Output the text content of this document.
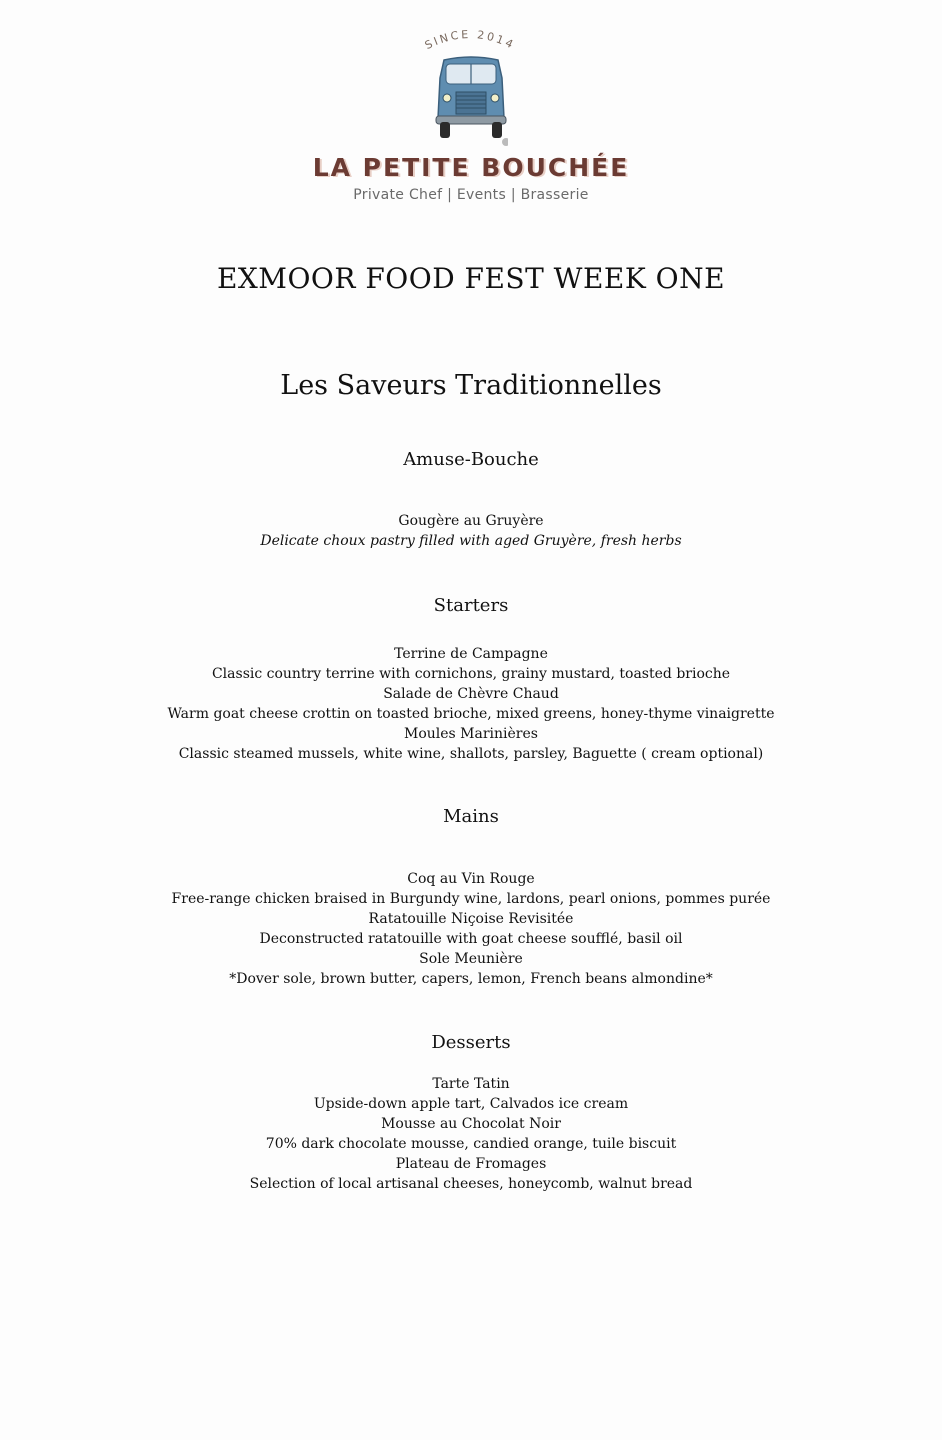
SINCE 2014
LA PETITE BOUCHÉE
Private Chef | Events | Brasserie
EXMOOR FOOD FEST WEEK ONE
Les Saveurs Traditionnelles
Amuse-Bouche
Gougère au Gruyère
Delicate choux pastry filled with aged Gruyère, fresh herbs
Starters
Terrine de Campagne
Classic country terrine with cornichons, grainy mustard, toasted brioche
Salade de Chèvre Chaud
Warm goat cheese crottin on toasted brioche, mixed greens, honey-thyme vinaigrette
Moules Marinières
Classic steamed mussels, white wine, shallots, parsley, Baguette ( cream optional)
Mains
Coq au Vin Rouge
Free-range chicken braised in Burgundy wine, lardons, pearl onions, pommes purée
Ratatouille Niçoise Revisitée
Deconstructed ratatouille with goat cheese soufflé, basil oil
Sole Meunière
*Dover sole, brown butter, capers, lemon, French beans almondine*
Desserts
Tarte Tatin
Upside-down apple tart, Calvados ice cream
Mousse au Chocolat Noir
70% dark chocolate mousse, candied orange, tuile biscuit
Plateau de Fromages
Selection of local artisanal cheeses, honeycomb, walnut bread
